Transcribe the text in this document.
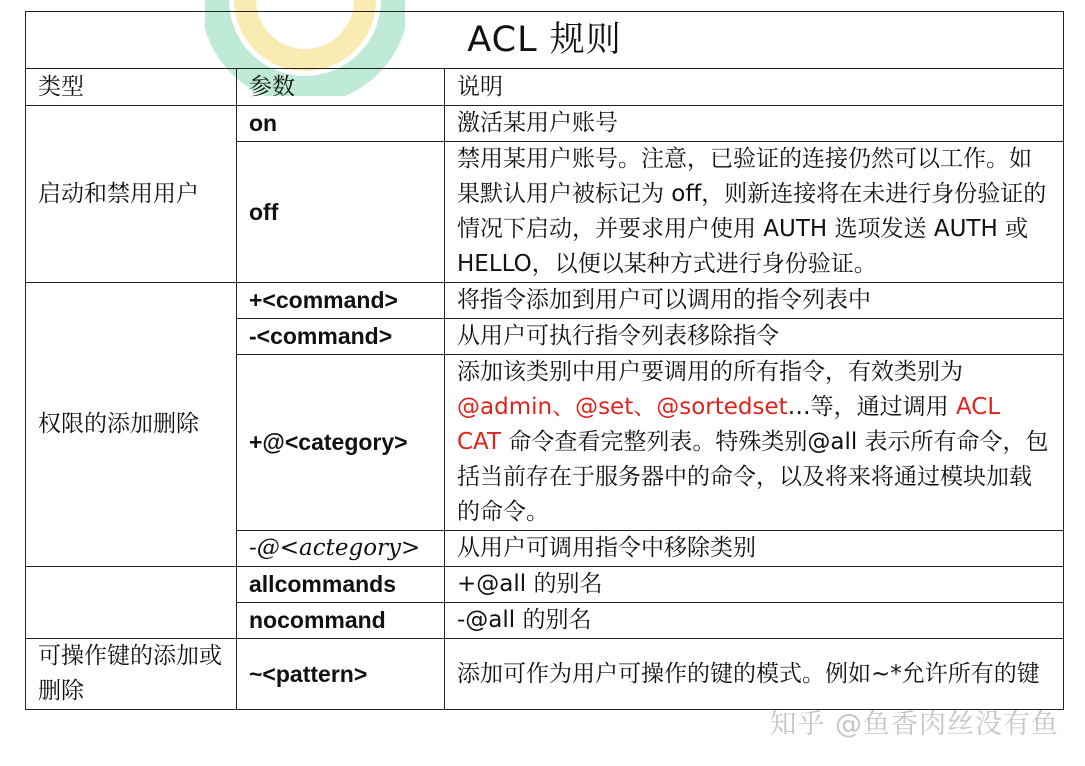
ACL 规则		
类型	参数	说明
启动和禁用用户	on	激活某用户账号
	off	禁用某用户账号。注意，已验证的连接仍然可以工作。如果默认用户被标记为 off，则新连接将在未进行身份验证的情况下启动，并要求用户使用 AUTH 选项发送 AUTH 或 HELLO，以便以某种方式进行身份验证。
权限的添加删除	+<command>	将指令添加到用户可以调用的指令列表中
	-<command>	从用户可执行指令列表移除指令
	+@<category>	添加该类别中用户要调用的所有指令，有效类别为@admin、@set、@sortedset…等，通过调用 ACL CAT 命令查看完整列表。特殊类别@all 表示所有命令，包括当前存在于服务器中的命令，以及将来将通过模块加载的命令。
	-@<actegory>	从用户可调用指令中移除类别
	allcommands	+@all 的别名
	nocommand	-@all 的别名
可操作键的添加或删除	~<pattern>	添加可作为用户可操作的键的模式。例如~*允许所有的键
知乎 @鱼香肉丝没有鱼
